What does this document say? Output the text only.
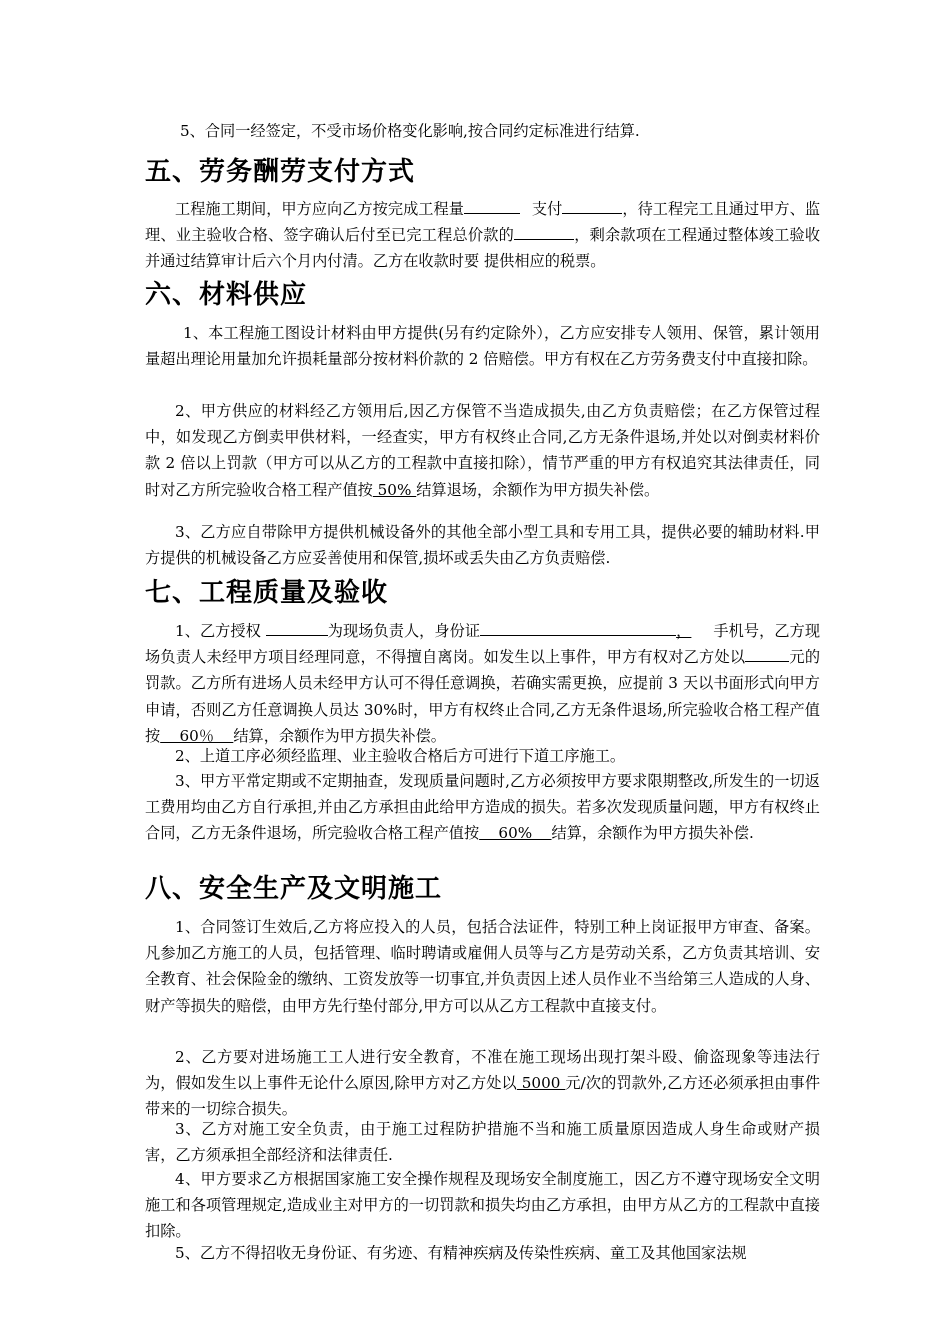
5、合同一经签定，不受市场价格变化影响,按合同约定标准进行结算.

五、劳务酬劳支付方式

工程施工期间，甲方应向乙方按完成工程量	支付	，待工程完工且通过甲方、监理、业主验收合格、签字确认后付至已完工程总价款的	，剩余款项在工程通过整体竣工验收并通过结算审计后六个月内付清。乙方在收款时要 提供相应的税票。

六、材料供应

1、本工程施工图设计材料由甲方提供(另有约定除外），乙方应安排专人领用、保管，累计领用量超出理论用量加允许损耗量部分按材料价款的 2 倍赔偿。甲方有权在乙方劳务费支付中直接扣除。

2、甲方供应的材料经乙方领用后,因乙方保管不当造成损失,由乙方负责赔偿；在乙方保管过程中，如发现乙方倒卖甲供材料，一经查实，甲方有权终止合同,乙方无条件退场,并处以对倒卖材料价款 2 倍以上罚款（甲方可以从乙方的工程款中直接扣除），情节严重的甲方有权追究其法律责任，同时对乙方所完验收合格工程产值按 50% 结算退场，余额作为甲方损失补偿。

3、乙方应自带除甲方提供机械设备外的其他全部小型工具和专用工具，提供必要的辅助材料.甲方提供的机械设备乙方应妥善使用和保管,损坏或丢失由乙方负责赔偿.

七、工程质量及验收

1、乙方授权	为现场负责人，身份证	， 手机号，乙方现场负责人未经甲方项目经理同意，不得擅自离岗。如发生以上事件，甲方有权对乙方处以	元的罚款。乙方所有进场人员未经甲方认可不得任意调换，若确实需更换，应提前 3 天以书面形式向甲方申请，否则乙方任意调换人员达 30%时，甲方有权终止合同,乙方无条件退场,所完验收合格工程产值按    60％    结算，余额作为甲方损失补偿。

2、上道工序必须经监理、业主验收合格后方可进行下道工序施工。

3、甲方平常定期或不定期抽查，发现质量问题时,乙方必须按甲方要求限期整改,所发生的一切返工费用均由乙方自行承担,并由乙方承担由此给甲方造成的损失。若多次发现质量问题，甲方有权终止合同，乙方无条件退场，所完验收合格工程产值按    60%    结算，余额作为甲方损失补偿.

八、安全生产及文明施工

1、合同签订生效后,乙方将应投入的人员，包括合法证件，特别工种上岗证报甲方审查、备案。凡参加乙方施工的人员，包括管理、临时聘请或雇佣人员等与乙方是劳动关系，乙方负责其培训、安全教育、社会保险金的缴纳、工资发放等一切事宜,并负责因上述人员作业不当给第三人造成的人身、财产等损失的赔偿，由甲方先行垫付部分,甲方可以从乙方工程款中直接支付。

2、乙方要对进场施工工人进行安全教育，不准在施工现场出现打架斗殴、偷盗现象等违法行为，假如发生以上事件无论什么原因,除甲方对乙方处以 5000 元/次的罚款外,乙方还必须承担由事件带来的一切综合损失。

3、乙方对施工安全负责，由于施工过程防护措施不当和施工质量原因造成人身生命或财产损害，乙方须承担全部经济和法律责任.

4、甲方要求乙方根据国家施工安全操作规程及现场安全制度施工，因乙方不遵守现场安全文明施工和各项管理规定,造成业主对甲方的一切罚款和损失均由乙方承担，由甲方从乙方的工程款中直接扣除。

5、乙方不得招收无身份证、有劣迹、有精神疾病及传染性疾病、童工及其他国家法规
